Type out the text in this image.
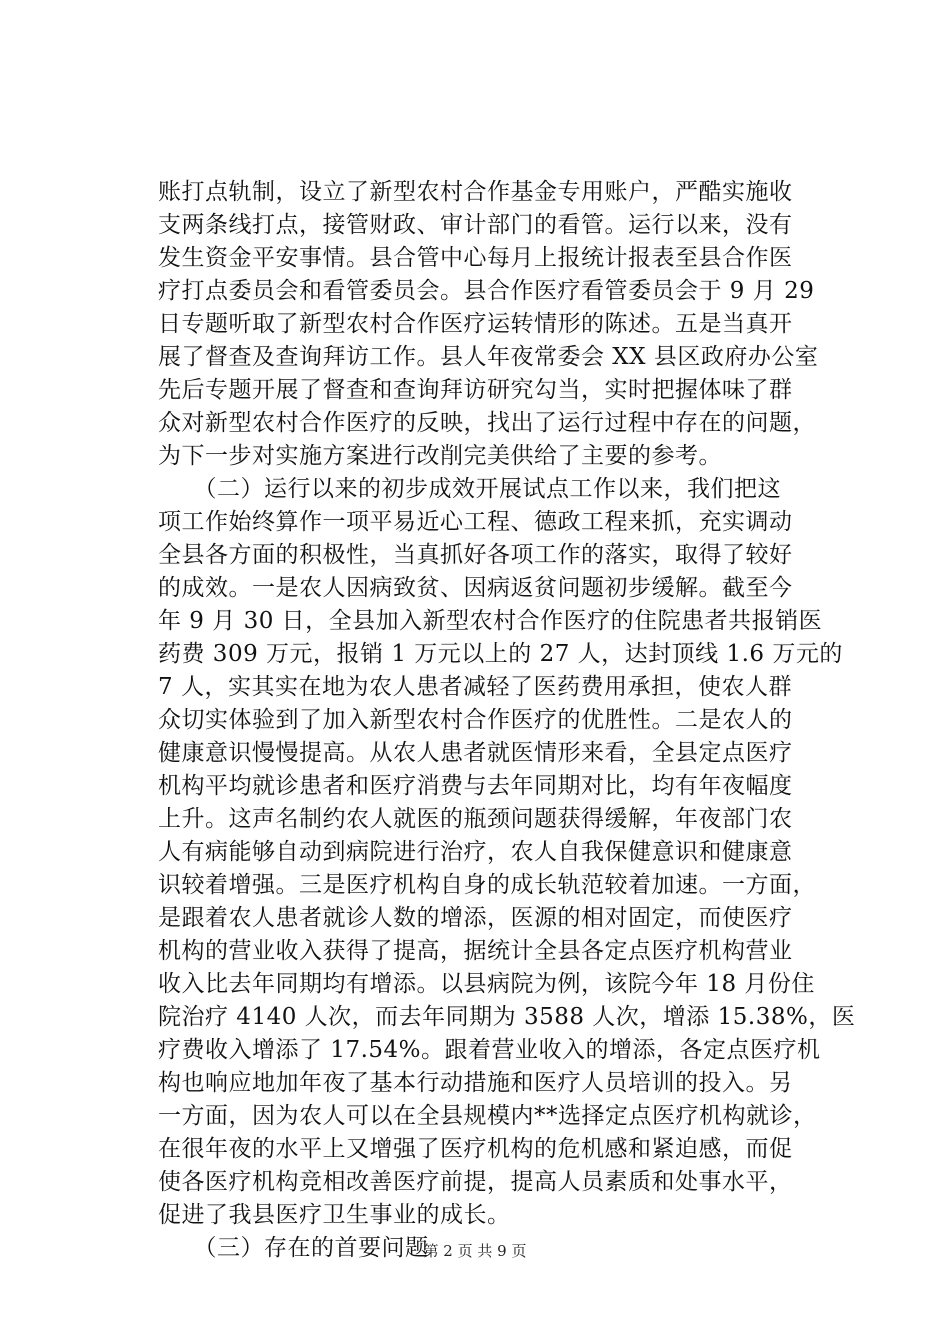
账打点轨制，设立了新型农村合作基金专用账户，严酷实施收
支两条线打点，接管财政、审计部门的看管。运行以来，没有
发生资金平安事情。县合管中心每月上报统计报表至县合作医
疗打点委员会和看管委员会。县合作医疗看管委员会于 9 月 29
日专题听取了新型农村合作医疗运转情形的陈述。五是当真开
展了督查及查询拜访工作。县人年夜常委会 XX 县区政府办公室
先后专题开展了督查和查询拜访研究勾当，实时把握体味了群
众对新型农村合作医疗的反映，找出了运行过程中存在的问题，
为下一步对实施方案进行改削完美供给了主要的参考。
　　（二）运行以来的初步成效开展试点工作以来，我们把这
项工作始终算作一项平易近心工程、德政工程来抓，充实调动
全县各方面的积极性，当真抓好各项工作的落实，取得了较好
的成效。一是农人因病致贫、因病返贫问题初步缓解。截至今
年 9 月 30 日，全县加入新型农村合作医疗的住院患者共报销医
药费 309 万元，报销 1 万元以上的 27 人，达封顶线 1.6 万元的
7 人，实其实在地为农人患者减轻了医药费用承担，使农人群
众切实体验到了加入新型农村合作医疗的优胜性。二是农人的
健康意识慢慢提高。从农人患者就医情形来看，全县定点医疗
机构平均就诊患者和医疗消费与去年同期对比，均有年夜幅度
上升。这声名制约农人就医的瓶颈问题获得缓解，年夜部门农
人有病能够自动到病院进行治疗，农人自我保健意识和健康意
识较着增强。三是医疗机构自身的成长轨范较着加速。一方面，
是跟着农人患者就诊人数的增添，医源的相对固定，而使医疗
机构的营业收入获得了提高，据统计全县各定点医疗机构营业
收入比去年同期均有增添。以县病院为例，该院今年 18 月份住
院治疗 4140 人次，而去年同期为 3588 人次，增添 15.38%，医
疗费收入增添了 17.54%。跟着营业收入的增添，各定点医疗机
构也响应地加年夜了基本行动措施和医疗人员培训的投入。另
一方面，因为农人可以在全县规模内**选择定点医疗机构就诊，
在很年夜的水平上又增强了医疗机构的危机感和紧迫感，而促
使各医疗机构竞相改善医疗前提，提高人员素质和处事水平，
促进了我县医疗卫生事业的成长。
　　（三）存在的首要问题
第 2 页 共 9 页
